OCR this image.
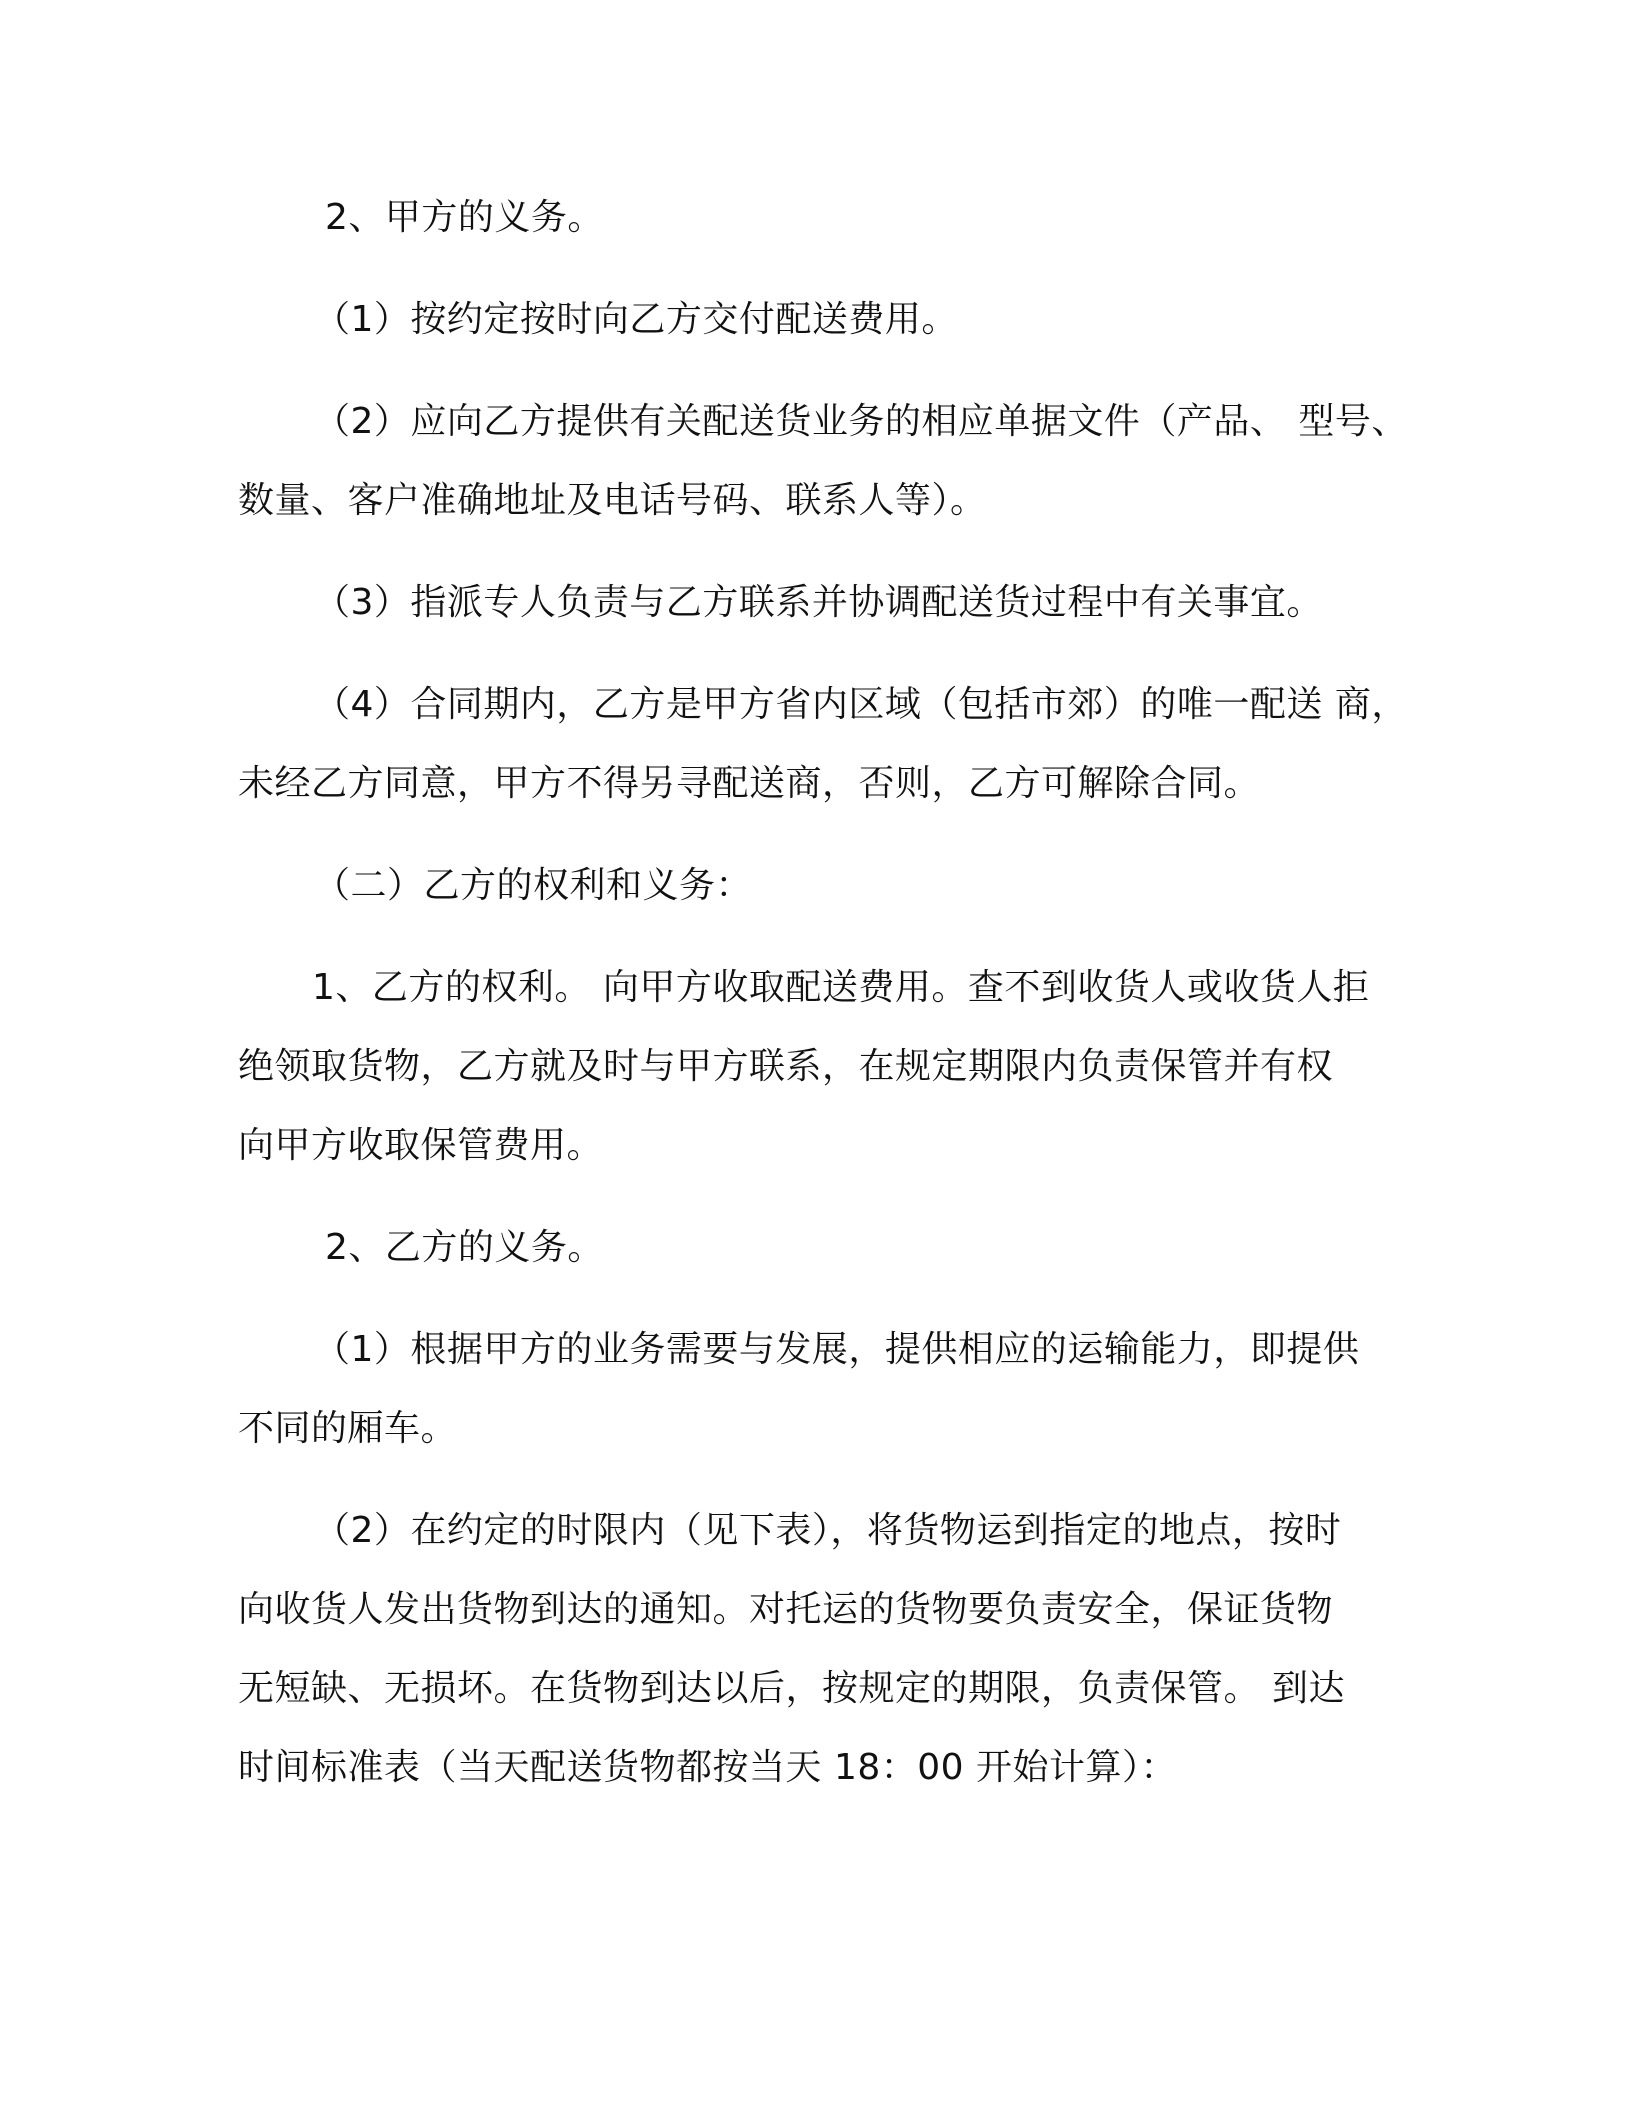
2、甲方的义务。
（1）按约定按时向乙方交付配送费用。
（2）应向乙方提供有关配送货业务的相应单据文件（产品、 型号、
数量、客户准确地址及电话号码、联系人等）。
（3）指派专人负责与乙方联系并协调配送货过程中有关事宜。
（4）合同期内，乙方是甲方省内区域（包括市郊）的唯一配送 商，
未经乙方同意，甲方不得另寻配送商，否则，乙方可解除合同。
（二）乙方的权利和义务：
1、乙方的权利。 向甲方收取配送费用。查不到收货人或收货人拒
绝领取货物，乙方就及时与甲方联系，在规定期限内负责保管并有权
向甲方收取保管费用。
2、乙方的义务。
（1）根据甲方的业务需要与发展，提供相应的运输能力，即提供
不同的厢车。
（2）在约定的时限内（见下表），将货物运到指定的地点，按时
向收货人发出货物到达的通知。对托运的货物要负责安全，保证货物
无短缺、无损坏。在货物到达以后，按规定的期限，负责保管。 到达
时间标准表（当天配送货物都按当天 18：00 开始计算）：
